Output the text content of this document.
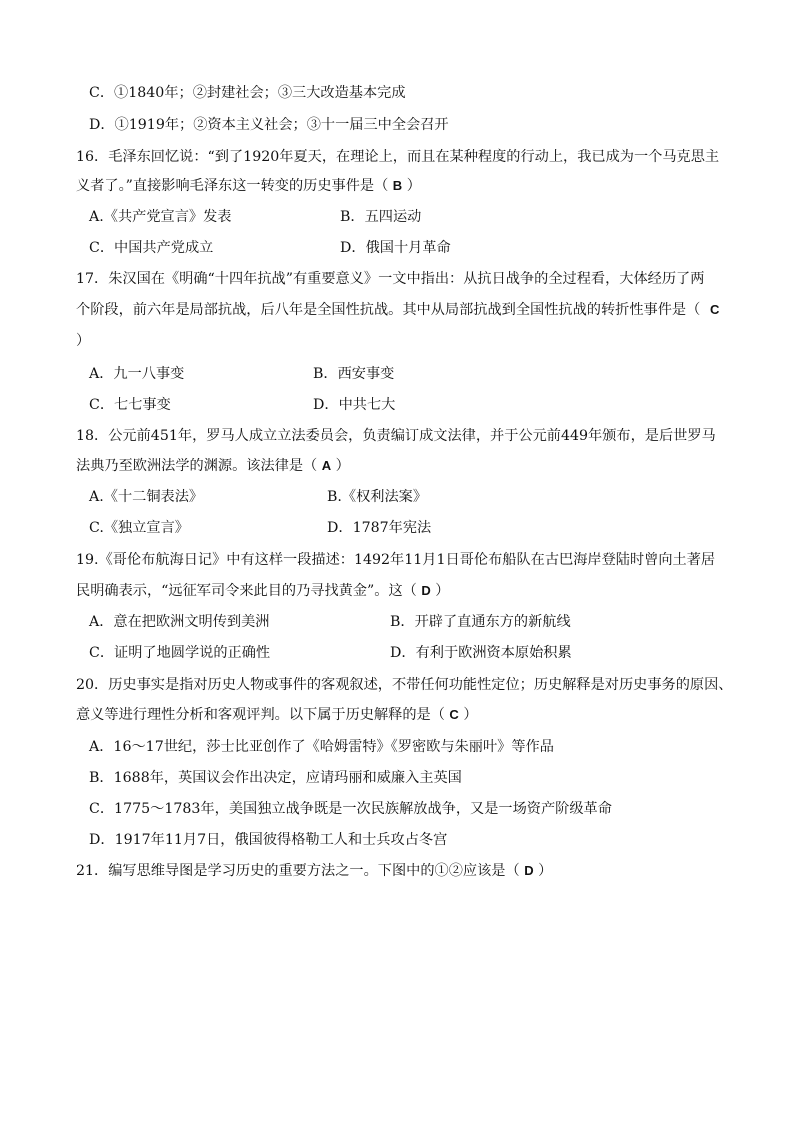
C．①1840年；②封建社会；③三大改造基本完成
D．①1919年；②资本主义社会；③十一届三中全会召开
16．毛泽东回忆说：“到了1920年夏天，在理论上，而且在某种程度的行动上，我已成为一个马克思主
义者了。”直接影响毛泽东这一转变的历史事件是（ B ）
A.《共产党宣言》发表	B．五四运动
C．中国共产党成立	D．俄国十月革命
17．朱汉国在《明确“十四年抗战”有重要意义》一文中指出：从抗日战争的全过程看，大体经历了两
个阶段，前六年是局部抗战，后八年是全国性抗战。其中从局部抗战到全国性抗战的转折性事件是（ C
）
A．九一八事变	B．西安事变
C．七七事变	D．中共七大
18．公元前451年，罗马人成立立法委员会，负责编订成文法律，并于公元前449年颁布，是后世罗马
法典乃至欧洲法学的渊源。该法律是（ A ）
A.《十二铜表法》	B.《权利法案》
C.《独立宣言》	D．1787年宪法
19.《哥伦布航海日记》中有这样一段描述：1492年11月1日哥伦布船队在古巴海岸登陆时曾向土著居
民明确表示，“远征军司令来此目的乃寻找黄金”。这（ D ）
A．意在把欧洲文明传到美洲	B．开辟了直通东方的新航线
C．证明了地圆学说的正确性	D．有利于欧洲资本原始积累
20．历史事实是指对历史人物或事件的客观叙述，不带任何功能性定位；历史解释是对历史事务的原因、
意义等进行理性分析和客观评判。以下属于历史解释的是（ C ）
A．16～17世纪，莎士比亚创作了《哈姆雷特》《罗密欧与朱丽叶》等作品
B．1688年，英国议会作出决定，应请玛丽和威廉入主英国
C．1775～1783年，美国独立战争既是一次民族解放战争，又是一场资产阶级革命
D．1917年11月7日，俄国彼得格勒工人和士兵攻占冬宫
21．编写思维导图是学习历史的重要方法之一。下图中的①②应该是（ D ）
